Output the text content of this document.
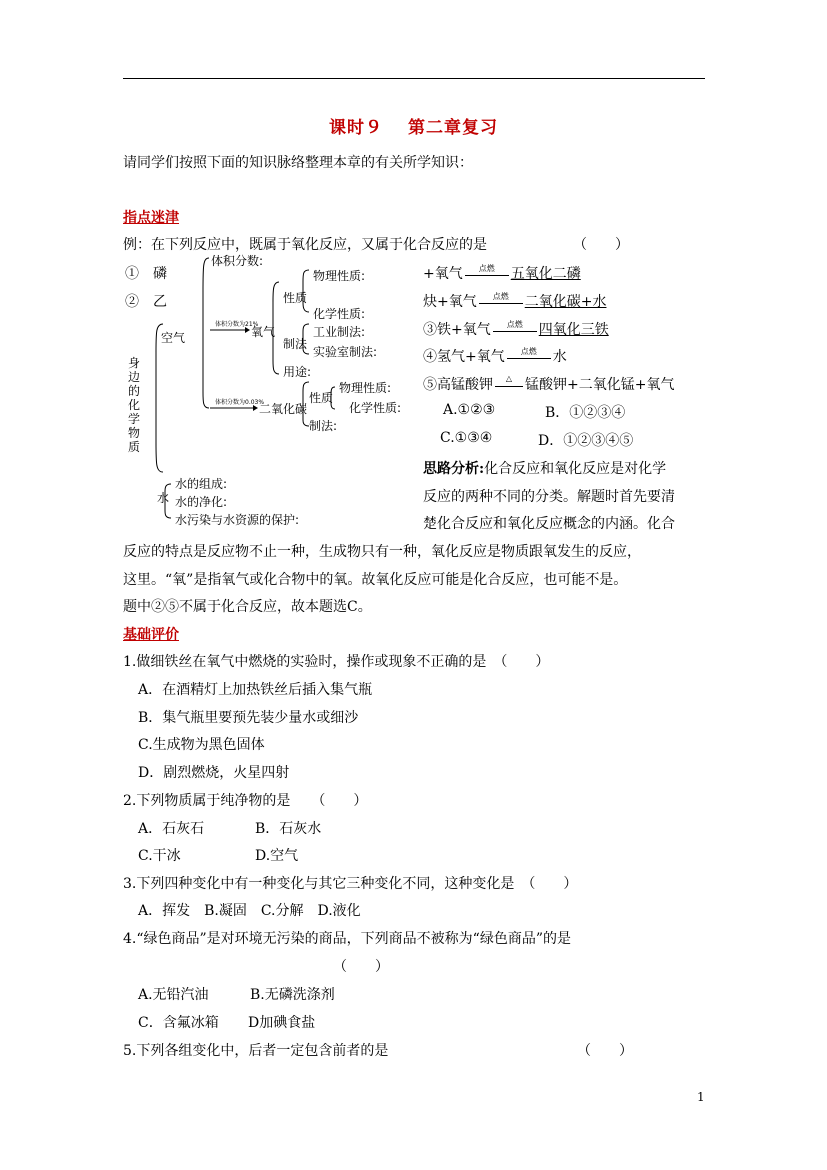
课时９　 第二章复习
请同学们按照下面的知识脉络整理本章的有关所学知识：
指点迷津
例：在下列反应中，既属于氧化反应，又属于化合反应的是	（　　）
体积分数为21%
体积分数为0.03%
空气
水
体积分数:
氧气
二氧化碳
性质
物理性质:
化学性质:
制法
工业制法:
实验室制法:
用途:
性质
物理性质:
化学性质:
制法:
水的组成:
水的净化:
水污染与水资源的保护:
身边的化学物质
①　磷	+氧气	点燃	五氧化二磷
②　乙	炔+氧气	点燃	二氧化碳+水
③铁+氧气	点燃	四氧化三铁
④氢气+氧气	点燃	水
⑤高锰酸钾	△ 锰酸钾+二氧化锰+氧气
A.①②③	B．①②③④
C.①③④	D．①②③④⑤
思路分析:化合反应和氧化反应是对化学
反应的两种不同的分类。解题时首先要清
楚化合反应和氧化反应概念的内涵。化合
反应的特点是反应物不止一种，生成物只有一种，氧化反应是物质跟氧发生的反应，
这里。“氧”是指氧气或化合物中的氧。故氧化反应可能是化合反应，也可能不是。
题中②⑤不属于化合反应，故本题选C。
基础评价
1.做细铁丝在氧气中燃烧的实验时，操作或现象不正确的是　（　　）
A．在酒精灯上加热铁丝后插入集气瓶
B．集气瓶里要预先装少量水或细沙
C.生成物为黑色固体
D．剧烈燃烧，火星四射
2.下列物质属于纯净物的是　　（　　）
A．石灰石	B．石灰水
C.干冰	D.空气
3.下列四种变化中有一种变化与其它三种变化不同，这种变化是　（　　）
A．挥发　B.凝固　C.分解　D.液化
4.“绿色商品”是对环境无污染的商品，下列商品不被称为“绿色商品”的是
（　　）
A.无铅汽油	B.无磷洗涤剂
C．含氟冰箱 D加碘食盐
5.下列各组变化中，后者一定包含前者的是	（　　）
1
